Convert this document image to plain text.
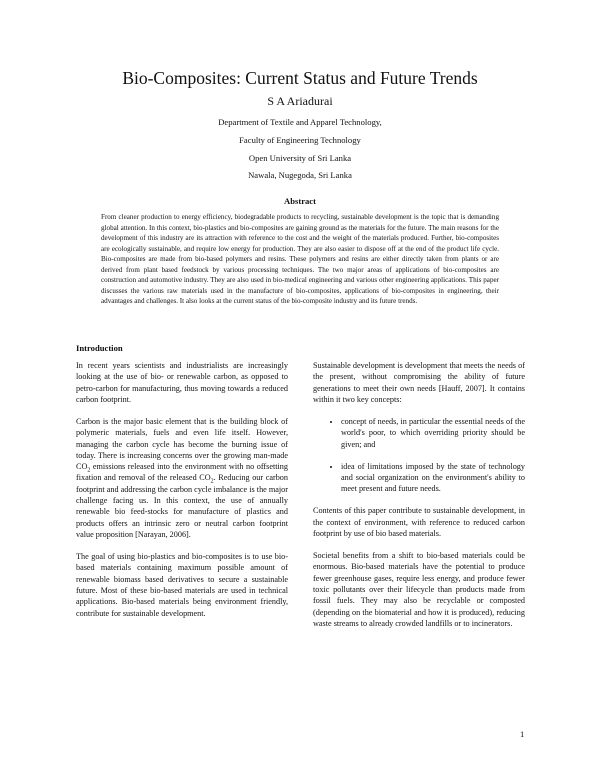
Bio-Composites: Current Status and Future Trends
S A Ariadurai
Department of Textile and Apparel Technology,
Faculty of Engineering Technology
Open University of Sri Lanka
Nawala, Nugegoda, Sri Lanka
Abstract

From cleaner production to energy efficiency, biodegradable products to recycling, sustainable development is the topic that is demanding global attention. In this context, bio-plastics and bio-composites are gaining ground as the materials for the future. The main reasons for the development of this industry are its attraction with reference to the cost and the weight of the materials produced. Further, bio-composites are ecologically sustainable, and require low energy for production. They are also easier to dispose off at the end of the product life cycle. Bio-composites are made from bio-based polymers and resins. These polymers and resins are either directly taken from plants or are derived from plant based feedstock by various processing techniques. The two major areas of applications of bio-composites are construction and automotive industry. They are also used in bio-medical engineering and various other engineering applications. This paper discusses the various raw materials used in the manufacture of bio-composites, applications of bio-composites in engineering, their advantages and challenges. It also looks at the current status of the bio-composite industry and its future trends.

Introduction

In recent years scientists and industrialists are increasingly looking at the use of bio- or renewable carbon, as opposed to petro-carbon for manufacturing, thus moving towards a reduced carbon footprint.

Carbon is the major basic element that is the building block of polymeric materials, fuels and even life itself. However, managing the carbon cycle has become the burning issue of today. There is increasing concerns over the growing man-made $CO_2$ emissions released into the environment with no offsetting fixation and removal of the released $CO_2$. Reducing our carbon footprint and addressing the carbon cycle imbalance is the major challenge facing us. In this context, the use of annually renewable bio feed-stocks for manufacture of plastics and products offers an intrinsic zero or neutral carbon footprint value proposition [Narayan, 2006].

The goal of using bio-plastics and bio-composites is to use bio-based materials containing maximum possible amount of renewable biomass based derivatives to secure a sustainable future. Most of these bio-based materials are used in technical applications. Bio-based materials being environment friendly, contribute for sustainable development.

Sustainable development is development that meets the needs of the present, without compromising the ability of future generations to meet their own needs [Hauff, 2007]. It contains within it two key concepts:

• concept of needs, in particular the essential needs of the world's poor, to which overriding priority should be given; and
• idea of limitations imposed by the state of technology and social organization on the environment's ability to meet present and future needs.

Contents of this paper contribute to sustainable development, in the context of environment, with reference to reduced carbon footprint by use of bio based materials.

Societal benefits from a shift to bio-based materials could be enormous. Bio-based materials have the potential to produce fewer greenhouse gases, require less energy, and produce fewer toxic pollutants over their lifecycle than products made from fossil fuels. They may also be recyclable or composted (depending on the biomaterial and how it is produced), reducing waste streams to already crowded landfills or to incinerators.

1
